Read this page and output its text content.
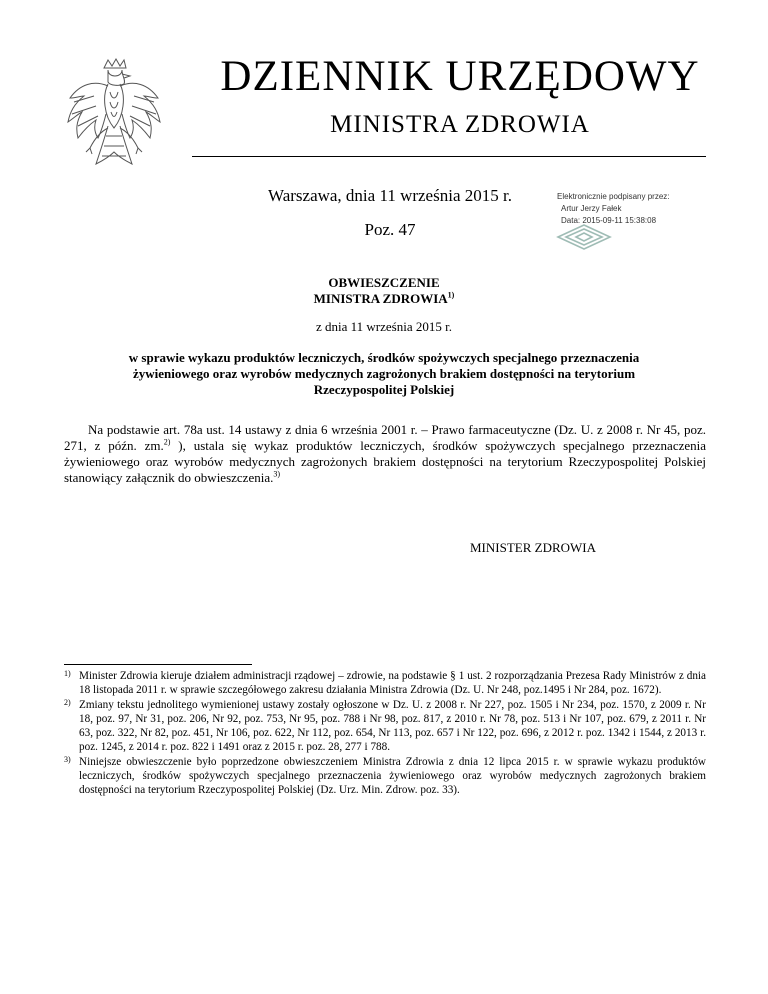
DZIENNIK URZĘDOWY
MINISTRA ZDROWIA
Warszawa, dnia 11 września 2015 r.
Poz. 47
Elektronicznie podpisany przez:
Artur Jerzy Fałek
Data: 2015-09-11 15:38:08
OBWIESZCZENIE
MINISTRA ZDROWIA$^{1)}$
z dnia 11 września 2015 r.
w sprawie wykazu produktów leczniczych, środków spożywczych specjalnego przeznaczenia żywieniowego oraz wyrobów medycznych zagrożonych brakiem dostępności na terytorium Rzeczypospolitej Polskiej

Na podstawie art. 78a ust. 14 ustawy z dnia 6 września 2001 r. – Prawo farmaceutyczne (Dz. U. z 2008 r. Nr 45, poz. 271, z późn. zm.$^{2)}$ ), ustala się wykaz produktów leczniczych, środków spożywczych specjalnego przeznaczenia żywieniowego oraz wyrobów medycznych zagrożonych brakiem dostępności na terytorium Rzeczypospolitej Polskiej stanowiący załącznik do obwieszczenia.$^{3)}$

MINISTER ZDROWIA

1) Minister Zdrowia kieruje działem administracji rządowej – zdrowie, na podstawie § 1 ust. 2 rozporządzania Prezesa Rady Ministrów z dnia 18 listopada 2011 r. w sprawie szczegółowego zakresu działania Ministra Zdrowia (Dz. U. Nr 248, poz.1495 i Nr 284, poz. 1672).

2) Zmiany tekstu jednolitego wymienionej ustawy zostały ogłoszone w Dz. U. z 2008 r. Nr 227, poz. 1505 i Nr 234, poz. 1570, z 2009 r. Nr 18, poz. 97, Nr 31, poz. 206, Nr 92, poz. 753, Nr 95, poz. 788 i Nr 98, poz. 817, z 2010 r. Nr 78, poz. 513 i Nr 107, poz. 679, z 2011 r. Nr 63, poz. 322, Nr 82, poz. 451, Nr 106, poz. 622, Nr 112, poz. 654, Nr 113, poz. 657 i Nr 122, poz. 696, z 2012 r. poz. 1342 i 1544, z 2013 r. poz. 1245, z 2014 r. poz. 822 i 1491 oraz z 2015 r. poz. 28, 277 i 788.

3) Niniejsze obwieszczenie było poprzedzone obwieszczeniem Ministra Zdrowia z dnia 12 lipca 2015 r. w sprawie wykazu produktów leczniczych, środków spożywczych specjalnego przeznaczenia żywieniowego oraz wyrobów medycznych zagrożonych brakiem dostępności na terytorium Rzeczypospolitej Polskiej (Dz. Urz. Min. Zdrow. poz. 33).
